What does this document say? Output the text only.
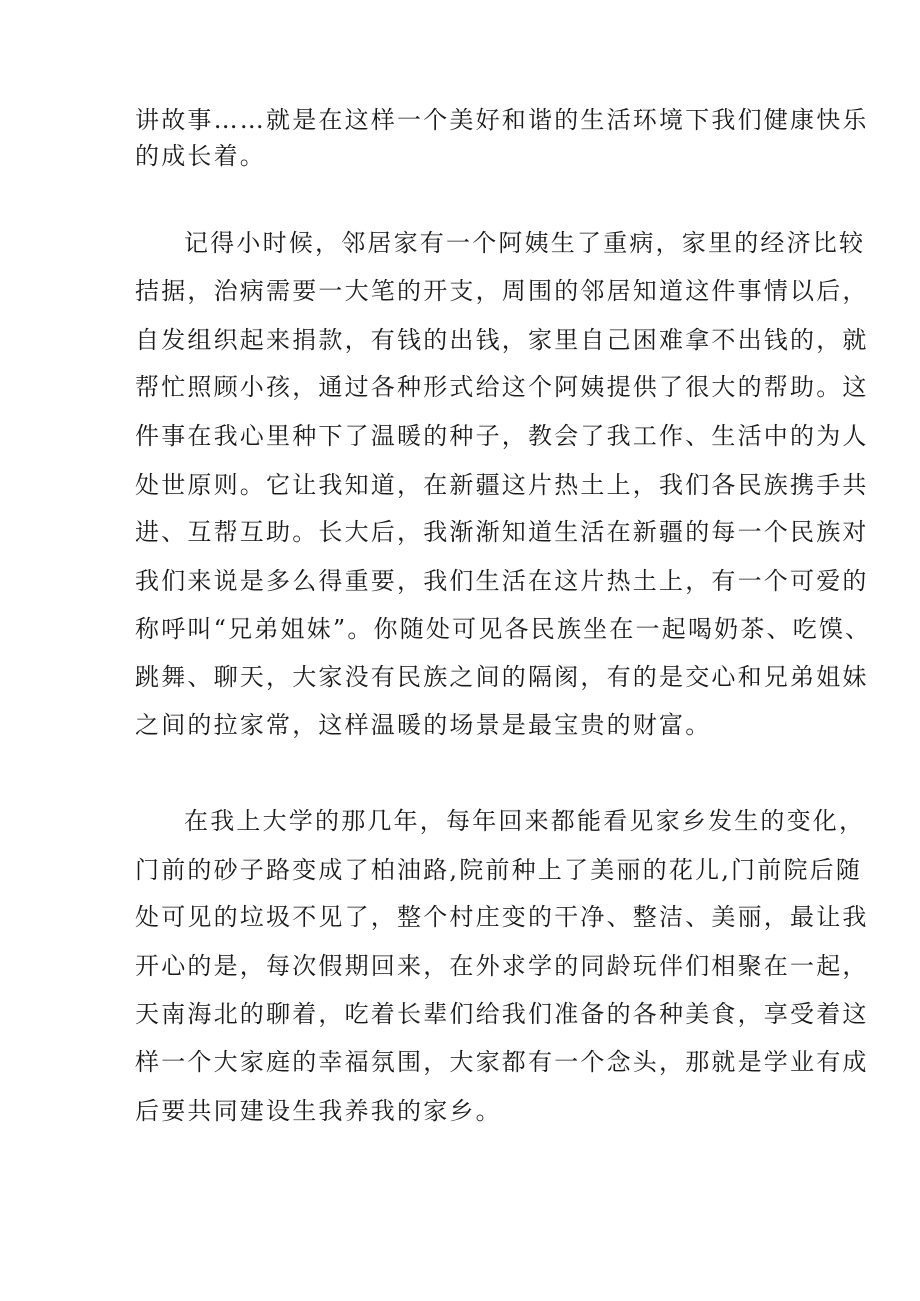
讲故事……就是在这样一个美好和谐的生活环境下我们健康快乐
的成长着。
记得小时候，邻居家有一个阿姨生了重病，家里的经济比较
拮据，治病需要一大笔的开支，周围的邻居知道这件事情以后，
自发组织起来捐款，有钱的出钱，家里自己困难拿不出钱的，就
帮忙照顾小孩，通过各种形式给这个阿姨提供了很大的帮助。这
件事在我心里种下了温暖的种子，教会了我工作、生活中的为人
处世原则。它让我知道，在新疆这片热土上，我们各民族携手共
进、互帮互助。长大后，我渐渐知道生活在新疆的每一个民族对
我们来说是多么得重要，我们生活在这片热土上，有一个可爱的
称呼叫“兄弟姐妹”。你随处可见各民族坐在一起喝奶茶、吃馍、
跳舞、聊天，大家没有民族之间的隔阂，有的是交心和兄弟姐妹
之间的拉家常，这样温暖的场景是最宝贵的财富。
在我上大学的那几年，每年回来都能看见家乡发生的变化，
门前的砂子路变成了柏油路,院前种上了美丽的花儿,门前院后随
处可见的垃圾不见了，整个村庄变的干净、整洁、美丽，最让我
开心的是，每次假期回来，在外求学的同龄玩伴们相聚在一起，
天南海北的聊着，吃着长辈们给我们准备的各种美食，享受着这
样一个大家庭的幸福氛围，大家都有一个念头，那就是学业有成
后要共同建设生我养我的家乡。
